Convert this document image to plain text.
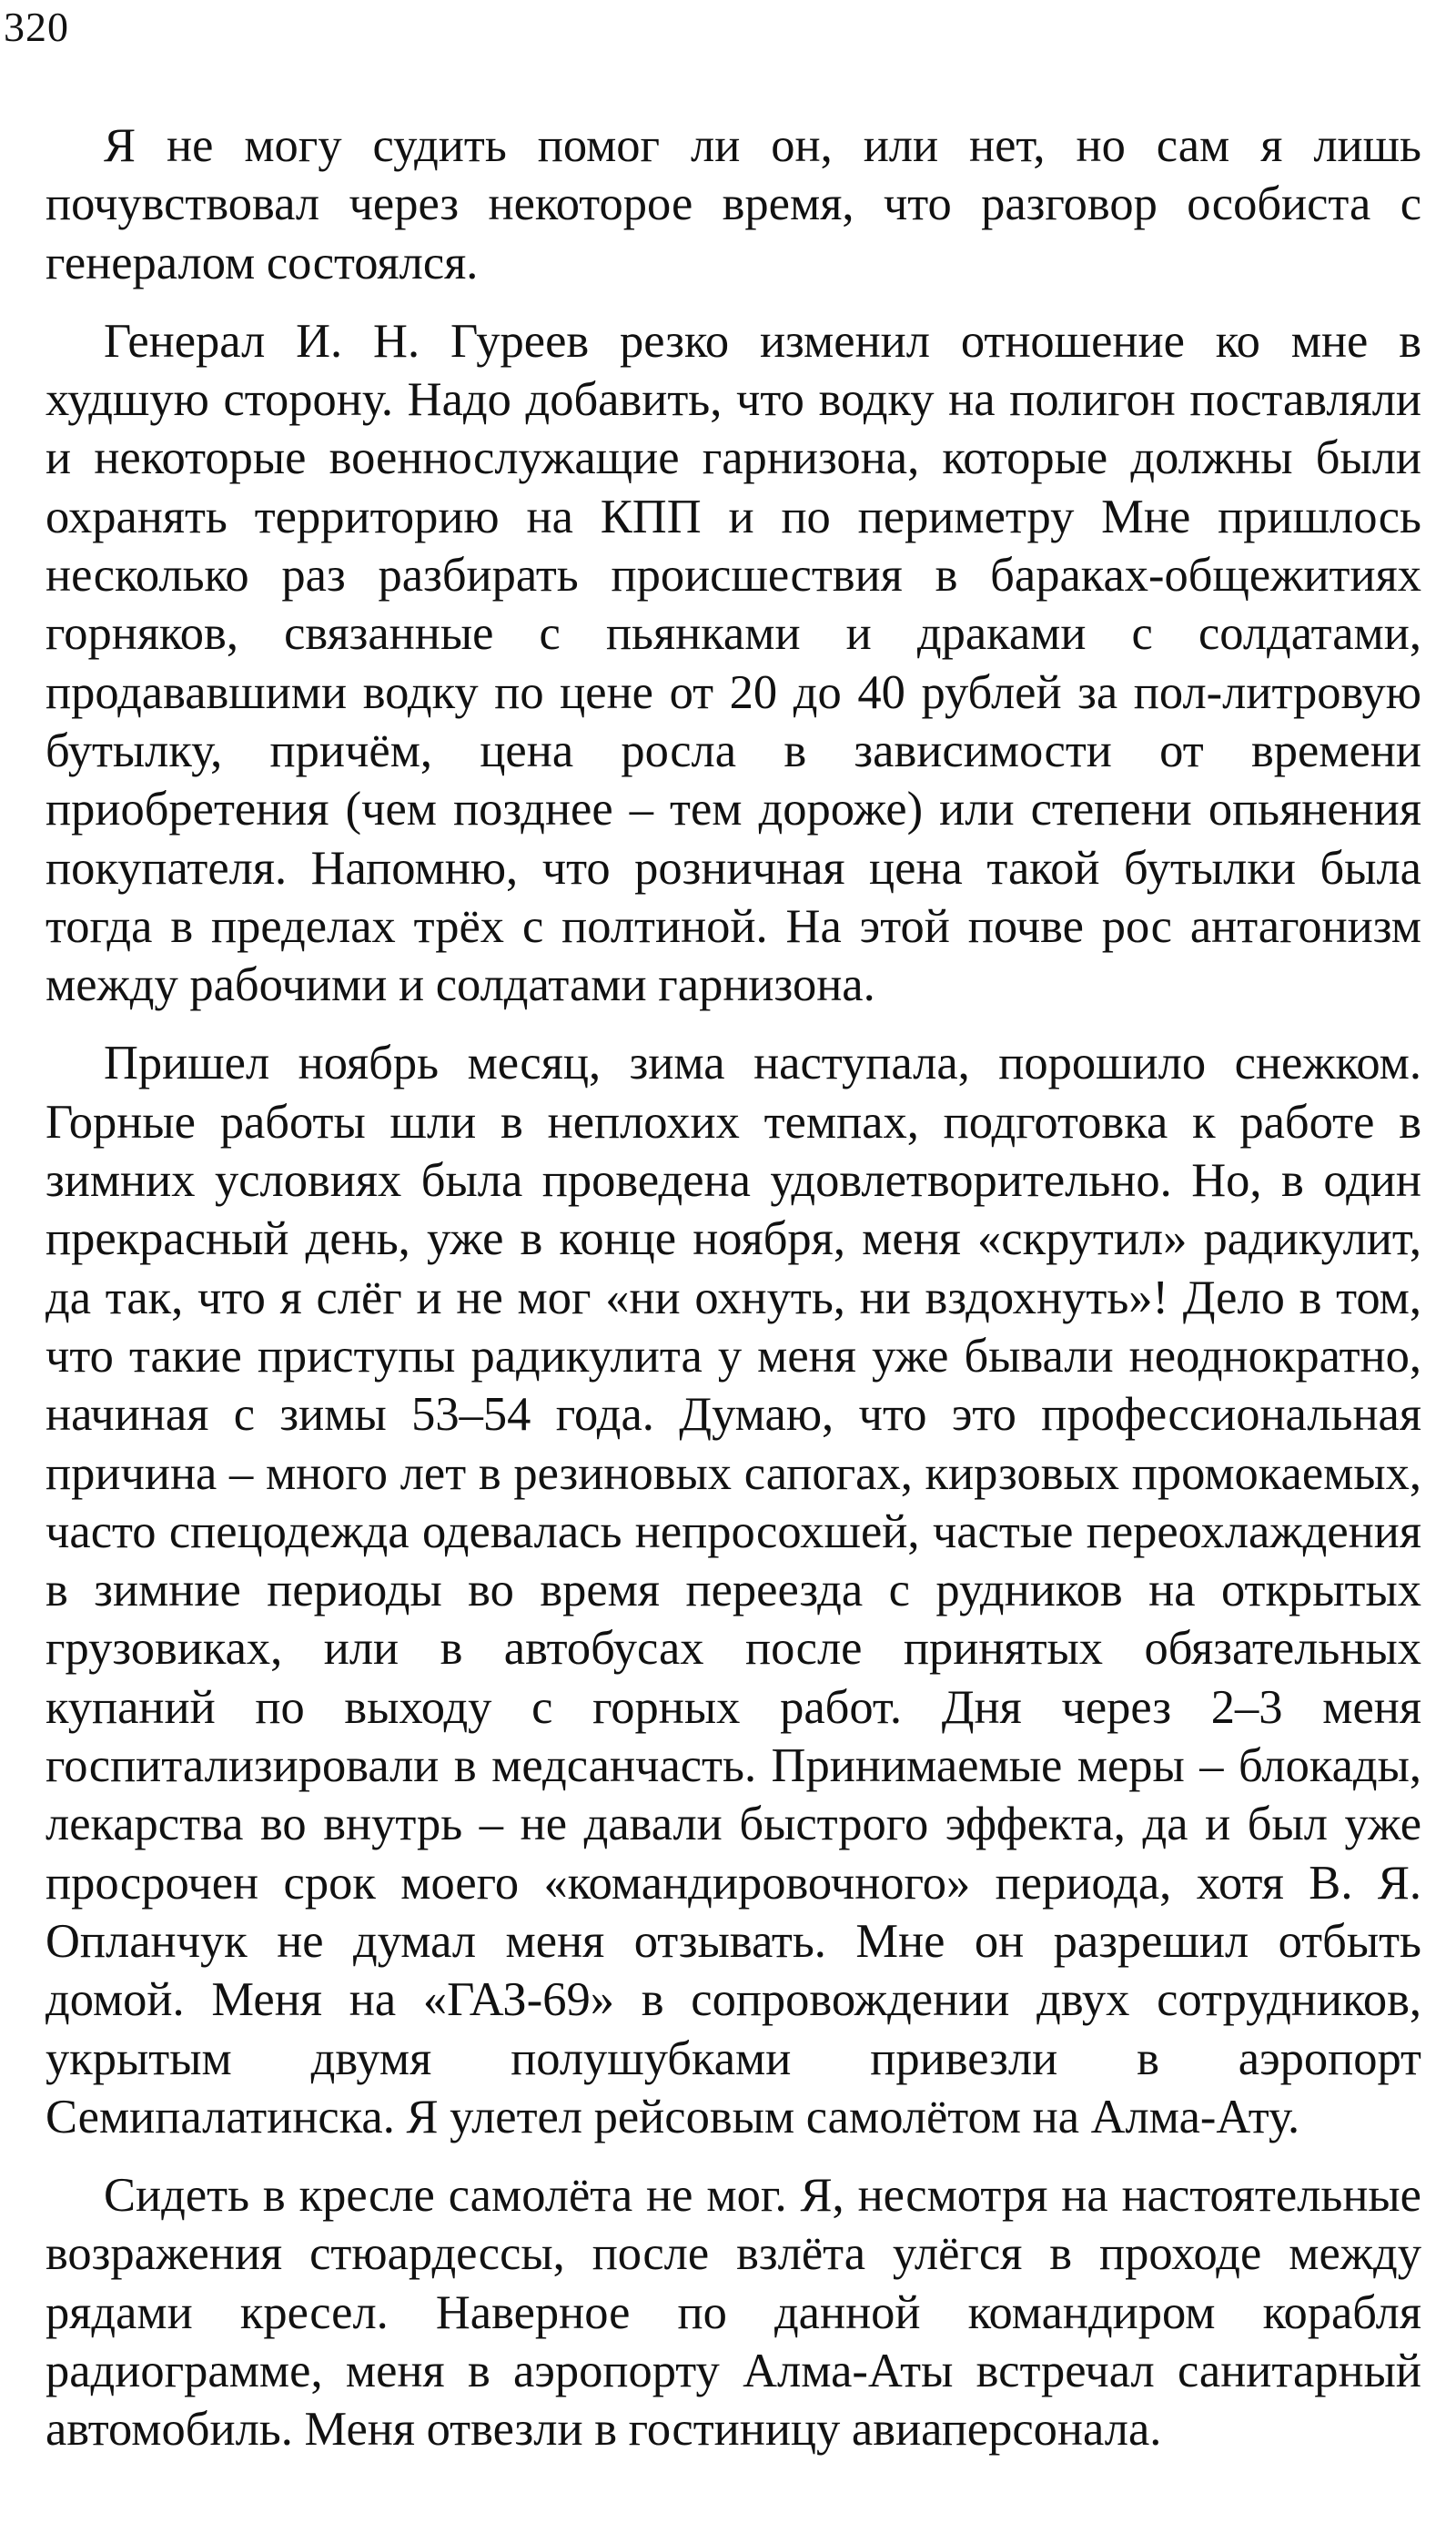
320

Я не могу судить помог ли он, или нет, но сам я лишь почувствовал через некоторое время, что разговор особиста с генералом состоялся.

Генерал И. Н. Гуреев резко изменил отношение ко мне в худшую сторону. Надо добавить, что водку на полигон поставляли и некоторые военнослужащие гарнизона, которые должны были охранять территорию на КПП и по периметру Мне пришлось несколько раз разбирать происшествия в бараках-общежитиях горняков, связанные с пьянками и драками с солдатами, продававшими водку по цене от 20 до 40 рублей за пол-литровую бутылку, причём, цена росла в зависимости от времени приобретения (чем позднее – тем дороже) или степени опьянения покупателя. Напомню, что розничная цена такой бутылки была тогда в пределах трёх с полтиной. На этой почве рос антагонизм между рабочими и солдатами гарнизона.

Пришел ноябрь месяц, зима наступала, порошило снежком. Горные работы шли в неплохих темпах, подготовка к работе в зимних условиях была проведена удовлетворительно. Но, в один прекрасный день, уже в конце ноября, меня «скрутил» радикулит, да так, что я слёг и не мог «ни охнуть, ни вздохнуть»! Дело в том, что такие приступы радикулита у меня уже бывали неоднократно, начиная с зимы 53–54 года. Думаю, что это профессиональная причина – много лет в резиновых сапогах, кирзовых промокаемых, часто спецодежда одевалась непросохшей, частые переохлаждения в зимние периоды во время переезда с рудников на открытых грузовиках, или в автобусах после принятых обязательных купаний по выходу с горных работ. Дня через 2–3 меня госпитализировали в медсанчасть. Принимаемые меры – блокады, лекарства во внутрь – не давали быстрого эффекта, да и был уже просрочен срок моего «командировочного» периода, хотя В. Я. Опланчук не думал меня отзывать. Мне он разрешил отбыть домой. Меня на «ГАЗ-69» в сопровождении двух сотрудников, укрытым двумя полушубками привезли в аэропорт Семипалатинска. Я улетел рейсовым самолётом на Алма-Ату.

Сидеть в кресле самолёта не мог. Я, несмотря на настоятельные возражения стюардессы, после взлёта улёгся в проходе между рядами кресел. Наверное по данной командиром корабля радиограмме, меня в аэропорту Алма-Аты встречал санитарный автомобиль. Меня отвезли в гостиницу авиаперсонала.
